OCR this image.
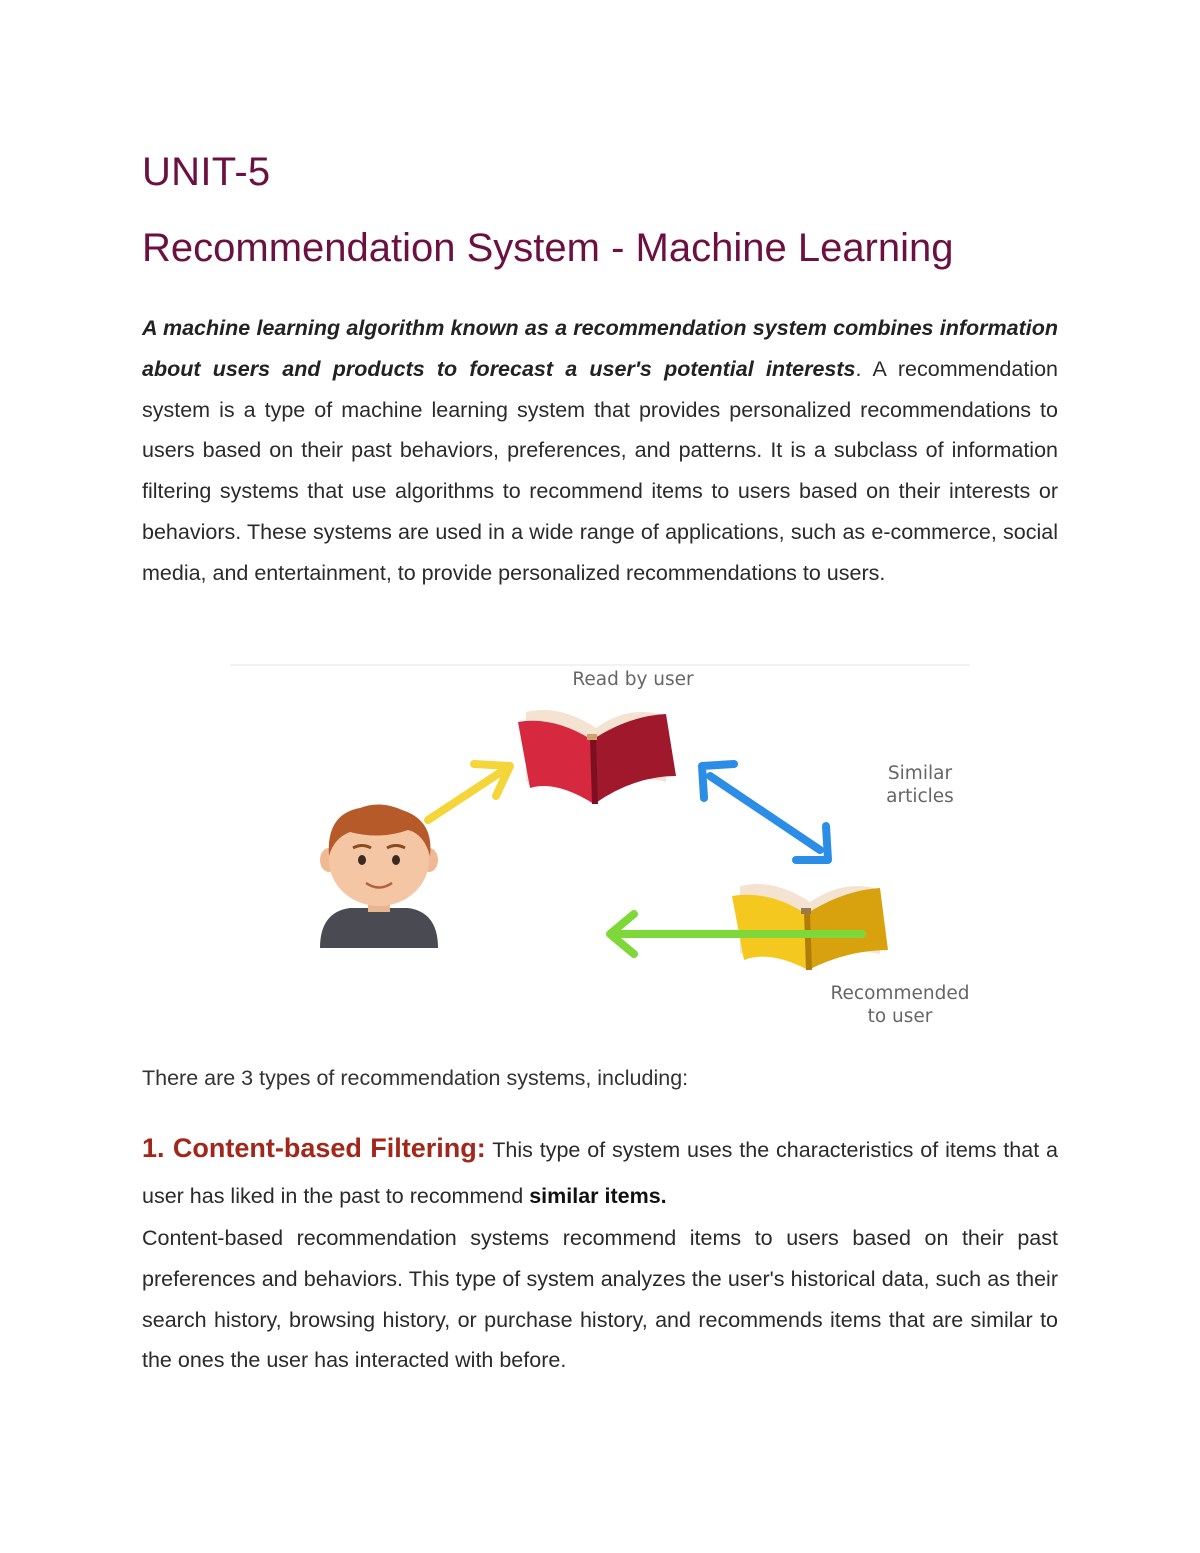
UNIT-5
Recommendation System - Machine Learning

A machine learning algorithm known as a recommendation system combines information about users and products to forecast a user's potential interests. A recommendation system is a type of machine learning system that provides personalized recommendations to users based on their past behaviors, preferences, and patterns. It is a subclass of information filtering systems that use algorithms to recommend items to users based on their interests or behaviors. These systems are used in a wide range of applications, such as e-commerce, social media, and entertainment, to provide personalized recommendations to users.

Read by user
Similar
articles
Recommended
to user

There are 3 types of recommendation systems, including:

1. Content-based Filtering: This type of system uses the characteristics of items that a user has liked in the past to recommend similar items.

Content-based recommendation systems recommend items to users based on their past preferences and behaviors. This type of system analyzes the user's historical data, such as their search history, browsing history, or purchase history, and recommends items that are similar to the ones the user has interacted with before.
